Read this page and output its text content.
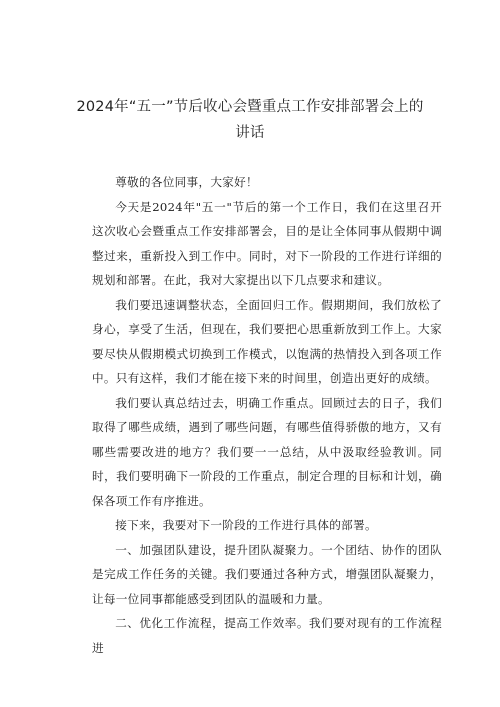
2024年“五一”节后收心会暨重点工作安排部署会上的
讲话

尊敬的各位同事，大家好！

今天是2024年"五一"节后的第一个工作日，我们在这里召开这次收心会暨重点工作安排部署会，目的是让全体同事从假期中调整过来，重新投入到工作中。同时，对下一阶段的工作进行详细的规划和部署。在此，我对大家提出以下几点要求和建议。

我们要迅速调整状态，全面回归工作。假期期间，我们放松了身心，享受了生活，但现在，我们要把心思重新放到工作上。大家要尽快从假期模式切换到工作模式，以饱满的热情投入到各项工作中。只有这样，我们才能在接下来的时间里，创造出更好的成绩。

我们要认真总结过去，明确工作重点。回顾过去的日子，我们取得了哪些成绩，遇到了哪些问题，有哪些值得骄傲的地方，又有哪些需要改进的地方？我们要一一总结，从中汲取经验教训。同时，我们要明确下一阶段的工作重点，制定合理的目标和计划，确保各项工作有序推进。

接下来，我要对下一阶段的工作进行具体的部署。

一、加强团队建设，提升团队凝聚力。一个团结、协作的团队是完成工作任务的关键。我们要通过各种方式，增强团队凝聚力，让每一位同事都能感受到团队的温暖和力量。

二、优化工作流程，提高工作效率。我们要对现有的工作流程进
